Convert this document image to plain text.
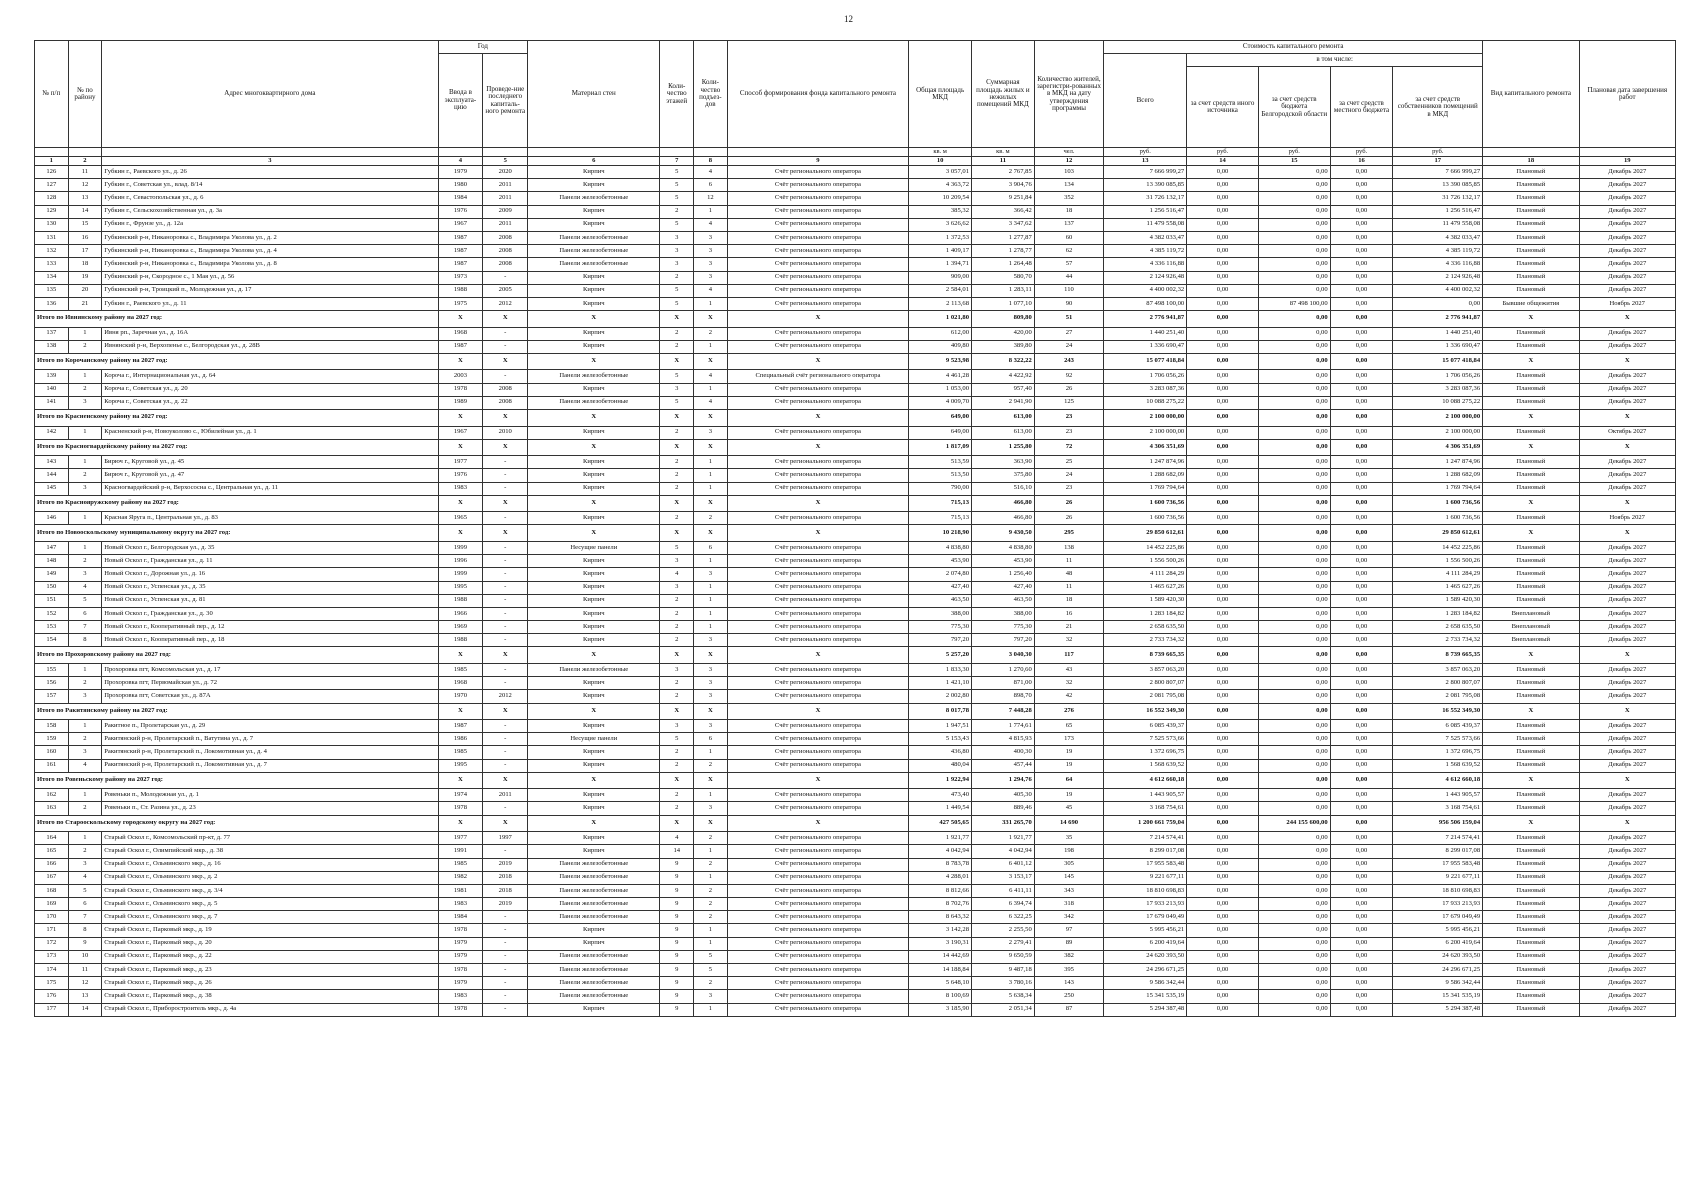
12
№ п/п	№ по району	Адрес многоквартирного дома	Год		Материал стен	Коли-чество этажей	Коли-чество подъез-дов	Способ формирования фонда капитального ремонта	Общая площадь МКД	Суммарная площадь жилых и нежилых помещений МКД	Количество жителей, зарегистри-рованных в МКД на дату утверждения программы	Стоимость капитального ремонта					Вид капитального ремонта	Плановая дата завершения работ
			Ввода в эксплуата-цию	Проведе-ние последнего капиталь-ного ремонта								Всего	в том числе:					
													за счет средств иного источника	за счет средств бюджета Белгородской области	за счет средств местного бюджета	за счет средств собственников помещений в МКД		
									кв. м	кв. м	чел.	руб.	руб.	руб.	руб.	руб.		
1	2	3	4	5	6	7	8	9	10	11	12	13	14	15	16	17	18	19
126	11	Губкин г., Раевского ул., д. 26	1979	2020	Кирпич	5	4	Счёт регионального оператора	3 057,01	2 767,85	103	7 666 999,27	0,00	0,00	0,00	7 666 999,27	Плановый	Декабрь 2027
127	12	Губкин г., Советская ул., влад. 8/14	1980	2011	Кирпич	5	6	Счёт регионального оператора	4 363,72	3 904,76	134	13 390 085,85	0,00	0,00	0,00	13 390 085,85	Плановый	Декабрь 2027
128	13	Губкин г., Севастопольская ул., д. 6	1984	2011	Панели железобетонные	5	12	Счёт регионального оператора	10 209,54	9 251,84	352	31 726 132,17	0,00	0,00	0,00	31 726 132,17	Плановый	Декабрь 2027
129	14	Губкин г., Сельскохозяйственная ул., д. 3а	1976	2009	Кирпич	2	1	Счёт регионального оператора	385,32	366,42	18	1 256 516,47	0,00	0,00	0,00	1 256 516,47	Плановый	Декабрь 2027
130	15	Губкин г., Фрунзе ул., д. 12а	1967	2011	Кирпич	5	4	Счёт регионального оператора	3 626,62	3 347,62	137	11 479 558,08	0,00	0,00	0,00	11 479 558,08	Плановый	Декабрь 2027
131	16	Губкинский р-н, Никаноровка с., Владимира Уколова ул., д. 2	1987	2008	Панели железобетонные	3	3	Счёт регионального оператора	1 372,53	1 277,87	60	4 382 033,47	0,00	0,00	0,00	4 382 033,47	Плановый	Декабрь 2027
132	17	Губкинский р-н, Никаноровка с., Владимира Уколова ул., д. 4	1987	2008	Панели железобетонные	3	3	Счёт регионального оператора	1 409,17	1 278,77	62	4 385 119,72	0,00	0,00	0,00	4 385 119,72	Плановый	Декабрь 2027
133	18	Губкинский р-н, Никаноровка с., Владимира Уколова ул., д. 8	1987	2008	Панели железобетонные	3	3	Счёт регионального оператора	1 394,71	1 264,48	57	4 336 116,88	0,00	0,00	0,00	4 336 116,88	Плановый	Декабрь 2027
134	19	Губкинский р-н, Скороднoe с., 1 Мая ул., д. 56	1973	-	Кирпич	2	3	Счёт регионального оператора	909,00	580,70	44	2 124 926,48	0,00	0,00	0,00	2 124 926,48	Плановый	Декабрь 2027
135	20	Губкинский р-н, Троицкий п., Молодежная ул., д. 17	1988	2005	Кирпич	5	4	Счёт регионального оператора	2 584,01	1 283,11	110	4 400 002,32	0,00	0,00	0,00	4 400 002,32	Плановый	Декабрь 2027
136	21	Губкин г., Раевского ул., д. 11	1975	2012	Кирпич	5	1	Счёт регионального оператора	2 113,68	1 077,10	90	87 498 100,00	0,00	87 498 100,00	0,00	0,00	Бывшие общежития	Ноябрь 2027
Итого по Ивнянскому району на 2027 год:			X	X	X	X	X	X	1 021,80	809,80	51	2 776 941,87	0,00	0,00	0,00	2 776 941,87	X	X
137	1	Ивня рп., Заречная ул., д. 16А	1968	-	Кирпич	2	2	Счёт регионального оператора	612,00	420,00	27	1 440 251,40	0,00	0,00	0,00	1 440 251,40	Плановый	Декабрь 2027
138	2	Ивнянский р-н, Верхопенье с., Белгородская ул., д. 28В	1987	-	Кирпич	2	1	Счёт регионального оператора	409,80	389,80	24	1 336 690,47	0,00	0,00	0,00	1 336 690,47	Плановый	Декабрь 2027
Итого по Корочанскому району на 2027 год:			X	X	X	X	X	X	9 523,98	8 322,22	243	15 077 418,84	0,00	0,00	0,00	15 077 418,84	X	X
139	1	Короча г., Интернациональная ул., д. 64	2003	-	Панели железобетонные	5	4	Специальный счёт регионального оператора	4 461,28	4 422,92	92	1 706 056,26	0,00	0,00	0,00	1 706 056,26	Плановый	Декабрь 2027
140	2	Короча г., Советская ул., д. 20	1978	2008	Кирпич	3	1	Счёт регионального оператора	1 053,00	957,40	26	3 283 087,36	0,00	0,00	0,00	3 283 087,36	Плановый	Декабрь 2027
141	3	Короча г., Советская ул., д. 22	1989	2008	Панели железобетонные	5	4	Счёт регионального оператора	4 009,70	2 941,90	125	10 088 275,22	0,00	0,00	0,00	10 088 275,22	Плановый	Декабрь 2027
Итого по Красненскому району на 2027 год:			X	X	X	X	X	X	649,00	613,00	23	2 100 000,00	0,00	0,00	0,00	2 100 000,00	X	X
142	1	Красненский р-н, Новоуколово с., Юбилейная ул., д. 1	1967	2010	Кирпич	2	3	Счёт регионального оператора	649,00	613,00	23	2 100 000,00	0,00	0,00	0,00	2 100 000,00	Плановый	Октябрь 2027
Итого по Красногвардейскому району на 2027 год:			X	X	X	X	X	X	1 817,09	1 255,80	72	4 306 351,69	0,00	0,00	0,00	4 306 351,69	X	X
143	1	Бирюч г., Круговой ул., д. 45	1977	-	Кирпич	2	1	Счёт регионального оператора	513,59	363,90	25	1 247 874,96	0,00	0,00	0,00	1 247 874,96	Плановый	Декабрь 2027
144	2	Бирюч г., Круговой ул., д. 47	1976	-	Кирпич	2	1	Счёт регионального оператора	513,50	375,80	24	1 288 682,09	0,00	0,00	0,00	1 288 682,09	Плановый	Декабрь 2027
145	3	Красногвардейский р-н, Верхососна с., Центральная ул., д. 11	1983	-	Кирпич	2	1	Счёт регионального оператора	790,00	516,10	23	1 769 794,64	0,00	0,00	0,00	1 769 794,64	Плановый	Декабрь 2027
Итого по Краснояружскому району на 2027 год:			X	X	X	X	X	X	715,13	466,80	26	1 600 736,56	0,00	0,00	0,00	1 600 736,56	X	X
146	1	Красная Яруга п., Центральная ул., д. 83	1965	-	Кирпич	2	2	Счёт регионального оператора	715,13	466,80	26	1 600 736,56	0,00	0,00	0,00	1 600 736,56	Плановый	Ноябрь 2027
Итого по Новооскольскому муниципальному округу на 2027 год:			X	X	X	X	X	X	10 218,90	9 430,50	295	29 850 612,61	0,00	0,00	0,00	29 850 612,61	X	X
147	1	Новый Оскол г., Белгородская ул., д. 35	1999	-	Несущие панели	5	6	Счёт регионального оператора	4 838,80	4 838,80	138	14 452 225,86	0,00	0,00	0,00	14 452 225,86	Плановый	Декабрь 2027
148	2	Новый Оскол г., Гражданская ул., д. 11	1996	-	Кирпич	3	1	Счёт регионального оператора	453,90	453,90	11	1 556 500,26	0,00	0,00	0,00	1 556 500,26	Плановый	Декабрь 2027
149	3	Новый Оскол г., Дорожная ул., д. 16	1999	-	Кирпич	4	3	Счёт регионального оператора	2 074,80	1 256,40	48	4 111 284,29	0,00	0,00	0,00	4 111 284,29	Плановый	Декабрь 2027
150	4	Новый Оскол г., Успенская ул., д. 35	1995	-	Кирпич	3	1	Счёт регионального оператора	427,40	427,40	11	1 465 627,26	0,00	0,00	0,00	1 465 627,26	Плановый	Декабрь 2027
151	5	Новый Оскол г., Успенская ул., д. 81	1988	-	Кирпич	2	1	Счёт регионального оператора	463,50	463,50	18	1 589 420,30	0,00	0,00	0,00	1 589 420,30	Плановый	Декабрь 2027
152	6	Новый Оскол г., Гражданская ул., д. 30	1966	-	Кирпич	2	1	Счёт регионального оператора	388,00	388,00	16	1 283 184,82	0,00	0,00	0,00	1 283 184,82	Внеплановый	Декабрь 2027
153	7	Новый Оскол г., Кооперативный пер., д. 12	1969	-	Кирпич	2	1	Счёт регионального оператора	775,30	775,30	21	2 658 635,50	0,00	0,00	0,00	2 658 635,50	Внеплановый	Декабрь 2027
154	8	Новый Оскол г., Кооперативный пер., д. 18	1988	-	Кирпич	2	3	Счёт регионального оператора	797,20	797,20	32	2 733 734,32	0,00	0,00	0,00	2 733 734,32	Внеплановый	Декабрь 2027
Итого по Прохоровскому району на 2027 год:			X	X	X	X	X	X	5 257,20	3 040,30	117	8 739 665,35	0,00	0,00	0,00	8 739 665,35	X	X
155	1	Прохоровка пгт, Комсомольская ул., д. 17	1985	-	Панели железобетонные	3	3	Счёт регионального оператора	1 833,30	1 270,60	43	3 857 063,20	0,00	0,00	0,00	3 857 063,20	Плановый	Декабрь 2027
156	2	Прохоровка пгт, Первомайская ул., д. 72	1968	-	Кирпич	2	3	Счёт регионального оператора	1 421,10	871,00	32	2 800 807,07	0,00	0,00	0,00	2 800 807,07	Плановый	Декабрь 2027
157	3	Прохоровка пгт, Советская ул., д. 87А	1970	2012	Кирпич	2	3	Счёт регионального оператора	2 002,80	898,70	42	2 081 795,08	0,00	0,00	0,00	2 081 795,08	Плановый	Декабрь 2027
Итого по Ракитянскому району на 2027 год:			X	X	X	X	X	X	8 017,78	7 448,28	276	16 552 349,30	0,00	0,00	0,00	16 552 349,30	X	X
158	1	Ракитное п., Пролетарская ул., д. 29	1987	-	Кирпич	3	3	Счёт регионального оператора	1 947,51	1 774,61	65	6 085 439,37	0,00	0,00	0,00	6 085 439,37	Плановый	Декабрь 2027
159	2	Ракитянский р-н, Пролетарский п., Ватутина ул., д. 7	1986	-	Несущие панели	5	6	Счёт регионального оператора	5 153,43	4 815,93	173	7 525 573,66	0,00	0,00	0,00	7 525 573,66	Плановый	Декабрь 2027
160	3	Ракитянский р-н, Пролетарский п., Локомотивная ул., д. 4	1985	-	Кирпич	2	1	Счёт регионального оператора	436,80	400,30	19	1 372 696,75	0,00	0,00	0,00	1 372 696,75	Плановый	Декабрь 2027
161	4	Ракитянский р-н, Пролетарский п., Локомотивная ул., д. 7	1995	-	Кирпич	2	2	Счёт регионального оператора	480,04	457,44	19	1 568 639,52	0,00	0,00	0,00	1 568 639,52	Плановый	Декабрь 2027
Итого по Ровеньскому району на 2027 год:			X	X	X	X	X	X	1 922,94	1 294,76	64	4 612 660,18	0,00	0,00	0,00	4 612 660,18	X	X
162	1	Ровеньки п., Молодежная ул., д. 1	1974	2011	Кирпич	2	1	Счёт регионального оператора	473,40	405,30	19	1 443 905,57	0,00	0,00	0,00	1 443 905,57	Плановый	Декабрь 2027
163	2	Ровеньки п., Ст. Разина ул., д. 23	1978	-	Кирпич	2	3	Счёт регионального оператора	1 449,54	889,46	45	3 168 754,61	0,00	0,00	0,00	3 168 754,61	Плановый	Декабрь 2027
Итого по Старооскольскому городскому округу на 2027 год:			X	X	X	X	X	X	427 505,65	331 265,70	14 690	1 200 661 759,04	0,00	244 155 600,00	0,00	956 506 159,04	X	X
164	1	Старый Оскол г., Комсомольский пр-кт, д. 77	1977	1997	Кирпич	4	2	Счёт регионального оператора	1 921,77	1 921,77	35	7 214 574,41	0,00	0,00	0,00	7 214 574,41	Плановый	Декабрь 2027
165	2	Старый Оскол г., Олимпийский мкр., д. 38	1991	-	Кирпич	14	1	Счёт регионального оператора	4 042,94	4 042,94	198	8 299 017,08	0,00	0,00	0,00	8 299 017,08	Плановый	Декабрь 2027
166	3	Старый Оскол г., Ольминского мкр., д. 16	1985	2019	Панели железобетонные	9	2	Счёт регионального оператора	8 783,78	6 401,12	305	17 955 583,48	0,00	0,00	0,00	17 955 583,48	Плановый	Декабрь 2027
167	4	Старый Оскол г., Ольминского мкр., д. 2	1982	2018	Панели железобетонные	9	1	Счёт регионального оператора	4 288,01	3 153,17	145	9 221 677,11	0,00	0,00	0,00	9 221 677,11	Плановый	Декабрь 2027
168	5	Старый Оскол г., Ольминского мкр., д. 3/4	1981	2018	Панели железобетонные	9	2	Счёт регионального оператора	8 812,66	6 411,11	343	18 810 698,83	0,00	0,00	0,00	18 810 698,83	Плановый	Декабрь 2027
169	6	Старый Оскол г., Ольминского мкр., д. 5	1983	2019	Панели железобетонные	9	2	Счёт регионального оператора	8 702,76	6 394,74	318	17 933 213,93	0,00	0,00	0,00	17 933 213,93	Плановый	Декабрь 2027
170	7	Старый Оскол г., Ольминского мкр., д. 7	1984	-	Панели железобетонные	9	2	Счёт регионального оператора	8 643,32	6 322,25	342	17 679 049,49	0,00	0,00	0,00	17 679 049,49	Плановый	Декабрь 2027
171	8	Старый Оскол г., Парковый мкр., д. 19	1978	-	Кирпич	9	1	Счёт регионального оператора	3 142,28	2 255,50	97	5 995 456,21	0,00	0,00	0,00	5 995 456,21	Плановый	Декабрь 2027
172	9	Старый Оскол г., Парковый мкр., д. 20	1979	-	Кирпич	9	1	Счёт регионального оператора	3 190,31	2 279,41	89	6 200 419,64	0,00	0,00	0,00	6 200 419,64	Плановый	Декабрь 2027
173	10	Старый Оскол г., Парковый мкр., д. 22	1979	-	Панели железобетонные	9	5	Счёт регионального оператора	14 442,69	9 650,59	382	24 620 393,50	0,00	0,00	0,00	24 620 393,50	Плановый	Декабрь 2027
174	11	Старый Оскол г., Парковый мкр., д. 23	1978	-	Панели железобетонные	9	5	Счёт регионального оператора	14 188,84	9 487,18	395	24 296 671,25	0,00	0,00	0,00	24 296 671,25	Плановый	Декабрь 2027
175	12	Старый Оскол г., Парковый мкр., д. 26	1979	-	Панели железобетонные	9	2	Счёт регионального оператора	5 648,10	3 780,16	143	9 586 342,44	0,00	0,00	0,00	9 586 342,44	Плановый	Декабрь 2027
176	13	Старый Оскол г., Парковый мкр., д. 38	1983	-	Панели железобетонные	9	3	Счёт регионального оператора	8 100,69	5 638,34	250	15 341 535,19	0,00	0,00	0,00	15 341 535,19	Плановый	Декабрь 2027
177	14	Старый Оскол г., Приборостроитель мкр., д. 4а	1978	-	Кирпич	9	1	Счёт регионального оператора	3 185,90	2 051,34	87	5 294 387,48	0,00	0,00	0,00	5 294 387,48	Плановый	Декабрь 2027
